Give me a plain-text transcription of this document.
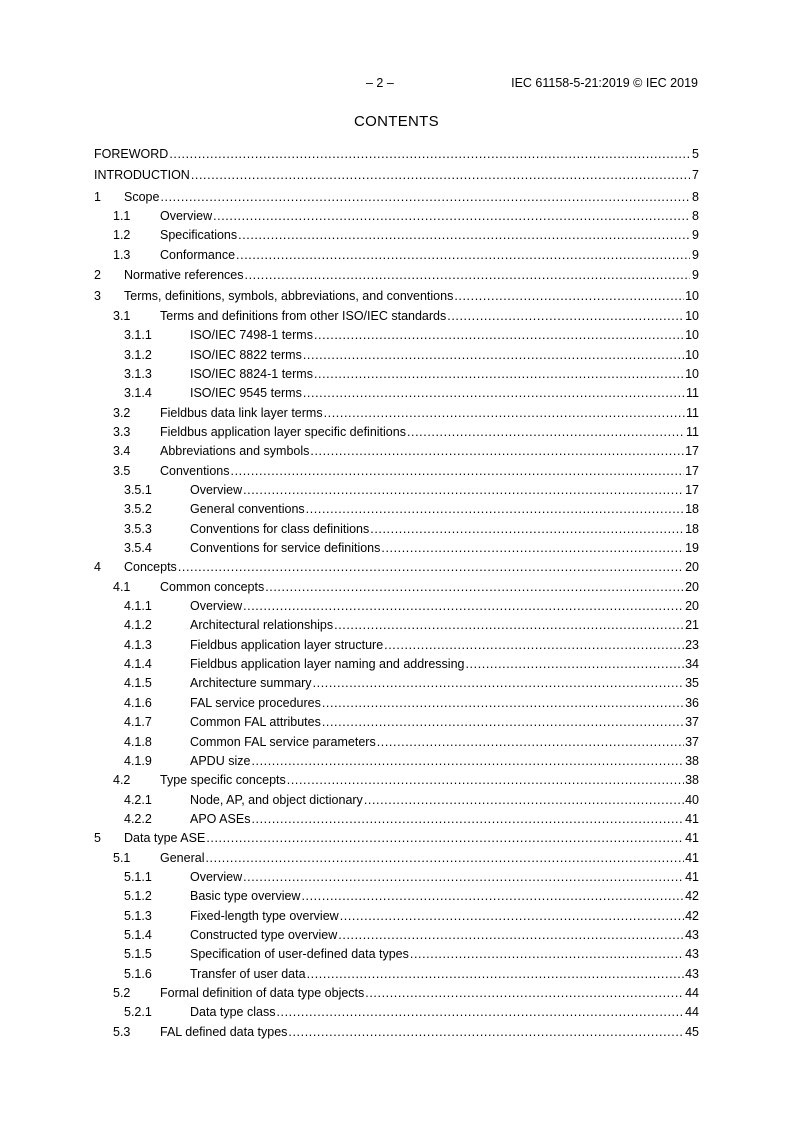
– 2 –	IEC 61158-5-21:2019 © IEC 2019
CONTENTS
FOREWORD .....	5
INTRODUCTION .....	7
1 Scope .....	8
1.1 Overview .....	8
1.2 Specifications .....	9
1.3 Conformance .....	9
2 Normative references .....	9
3 Terms, definitions, symbols, abbreviations, and conventions .....	10
3.1 Terms and definitions from other ISO/IEC standards .....	10
3.1.1	ISO/IEC 7498-1 terms .....	10
3.1.2	ISO/IEC 8822 terms .....	10
3.1.3	ISO/IEC 8824-1 terms .....	10
3.1.4	ISO/IEC 9545 terms .....	11
3.2 Fieldbus data link layer terms .....	11
3.3 Fieldbus application layer specific definitions .....	11
3.4 Abbreviations and symbols .....	17
3.5 Conventions .....	17
3.5.1	Overview .....	17
3.5.2	General conventions .....	18
3.5.3	Conventions for class definitions .....	18
3.5.4	Conventions for service definitions .....	19
4 Concepts .....	20
4.1 Common concepts .....	20
4.1.1	Overview .....	20
4.1.2	Architectural relationships .....	21
4.1.3	Fieldbus application layer structure .....	23
4.1.4	Fieldbus application layer naming and addressing .....	34
4.1.5	Architecture summary .....	35
4.1.6	FAL service procedures .....	36
4.1.7	Common FAL attributes .....	37
4.1.8	Common FAL service parameters .....	37
4.1.9	APDU size .....	38
4.2 Type specific concepts .....	38
4.2.1	Node, AP, and object dictionary .....	40
4.2.2	APO ASEs .....	41
5 Data type ASE .....	41
5.1 General .....	41
5.1.1	Overview .....	41
5.1.2	Basic type overview .....	42
5.1.3	Fixed-length type overview .....	42
5.1.4	Constructed type overview .....	43
5.1.5	Specification of user-defined data types .....	43
5.1.6	Transfer of user data .....	43
5.2 Formal definition of data type objects .....	44
5.2.1	Data type class .....	44
5.3 FAL defined data types .....	45
